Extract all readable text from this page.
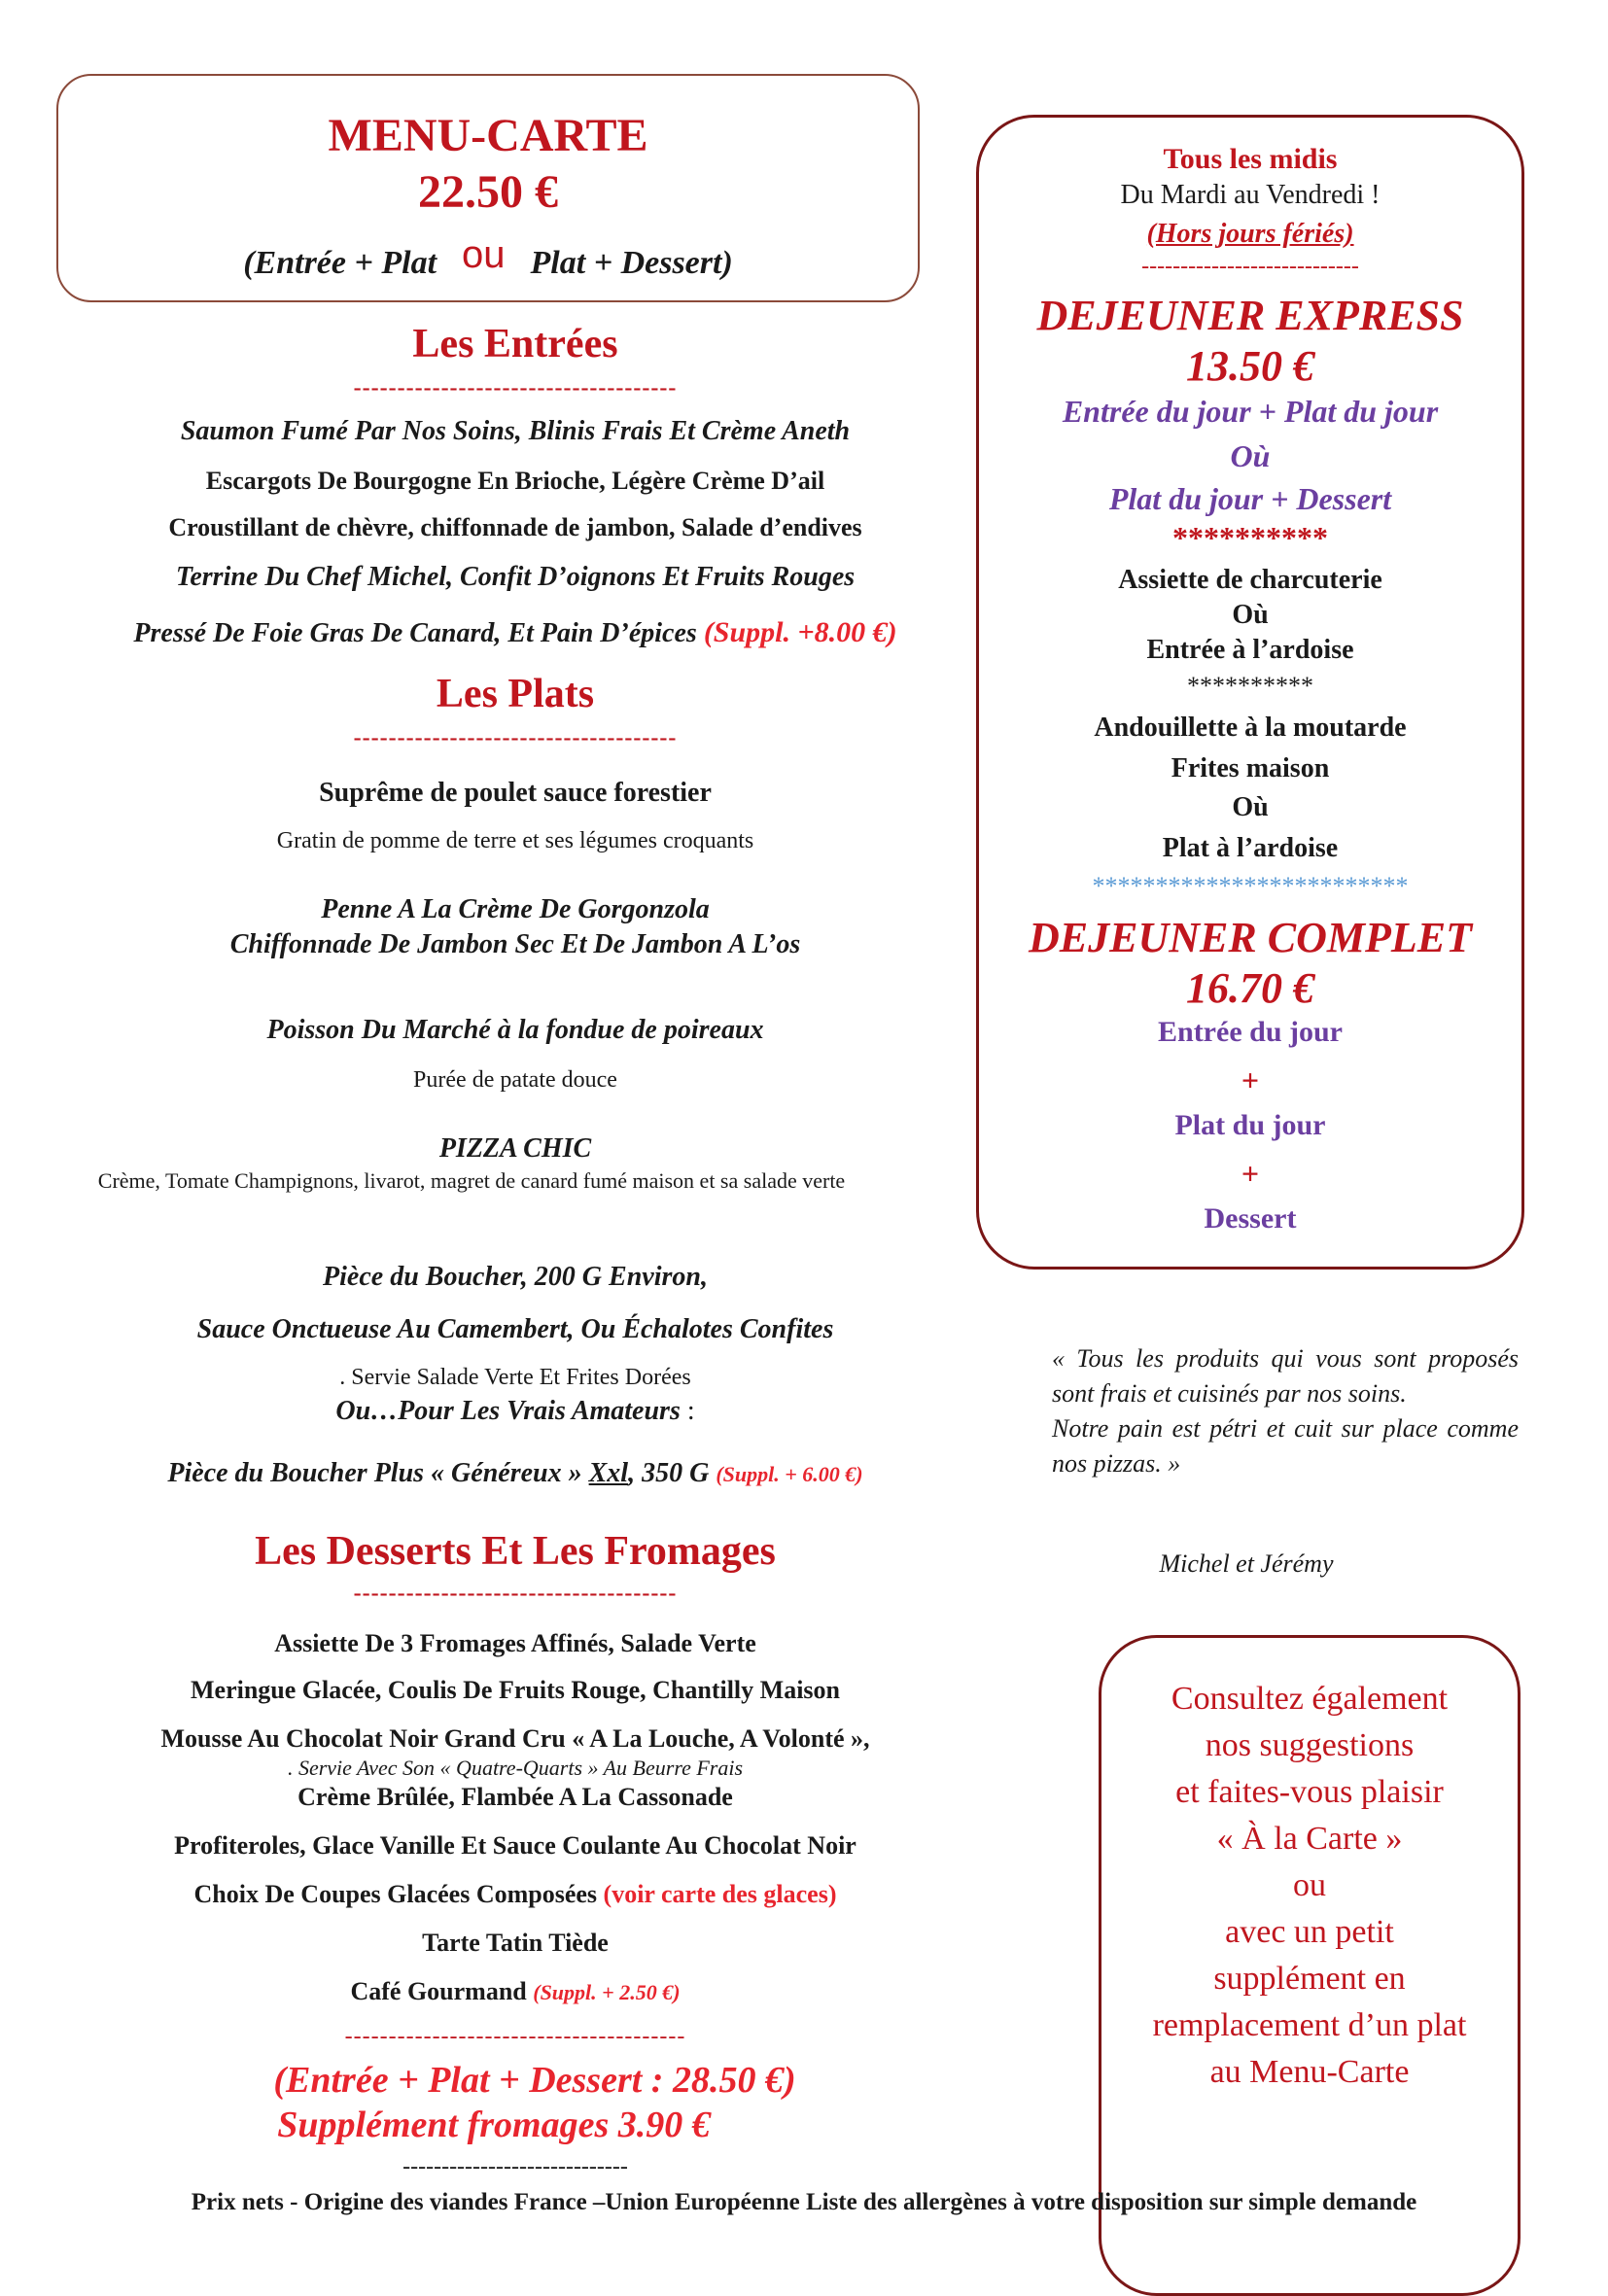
MENU-CARTE
22.50 €
(Entrée + Plat ou Plat + Dessert)
Les Entrées
-------------------------------------
Saumon Fumé Par Nos Soins, Blinis Frais Et Crème Aneth
Escargots De Bourgogne En Brioche, Légère Crème D’ail
Croustillant de chèvre, chiffonnade de jambon, Salade d’endives
Terrine Du Chef Michel, Confit D’oignons Et Fruits Rouges
Pressé De Foie Gras De Canard, Et Pain D’épices (Suppl. +8.00 €)
Les Plats
-------------------------------------
Suprême de poulet sauce forestier
Gratin de pomme de terre et ses légumes croquants
Penne A La Crème De Gorgonzola
Chiffonnade De Jambon Sec Et De Jambon A L’os
Poisson Du Marché à la fondue de poireaux
Purée de patate douce
PIZZA CHIC
Crème, Tomate Champignons, livarot, magret de canard fumé maison et sa salade verte
Pièce du Boucher, 200 G Environ,
Sauce Onctueuse Au Camembert, Ou Échalotes Confites
. Servie Salade Verte Et Frites Dorées
Ou…Pour Les Vrais Amateurs :
Pièce du Boucher Plus « Généreux » Xxl, 350 G (Suppl. + 6.00 €)
Les Desserts Et Les Fromages
-------------------------------------
Assiette De 3 Fromages Affinés, Salade Verte
Meringue Glacée, Coulis De Fruits Rouge, Chantilly Maison
Mousse Au Chocolat Noir Grand Cru « A La Louche, A Volonté »,
. Servie Avec Son « Quatre-Quarts » Au Beurre Frais
Crème Brûlée, Flambée A La Cassonade
Profiteroles, Glace Vanille Et Sauce Coulante Au Chocolat Noir
Choix De Coupes Glacées Composées (voir carte des glaces)
Tarte Tatin Tiède
Café Gourmand (Suppl. + 2.50 €)
---------------------------------------
(Entrée + Plat + Dessert : 28.50 €)
Supplément fromages 3.90 €
-----------------------------
Tous les midis
Du Mardi au Vendredi !
(Hors jours fériés)
----------------------------
DEJEUNER EXPRESS
13.50 €
Entrée du jour + Plat du jour
Où
Plat du jour + Dessert
**********
Assiette de charcuterie
Où
Entrée à l’ardoise
**********
Andouillette à la moutarde
Frites maison
Où
Plat à l’ardoise
*************************
DEJEUNER COMPLET
16.70 €
Entrée du jour
+
Plat du jour
+
Dessert
« Tous les produits qui vous sont proposés sont frais et cuisinés par nos soins.
Notre pain est pétri et cuit sur place comme nos pizzas. »
Michel et Jérémy
Consultez également
nos suggestions
et faites-vous plaisir
« À la Carte »
ou
avec un petit
supplément en
remplacement d’un plat
au Menu-Carte
Prix nets - Origine des viandes France –Union Européenne Liste des allergènes à votre disposition sur simple demande
